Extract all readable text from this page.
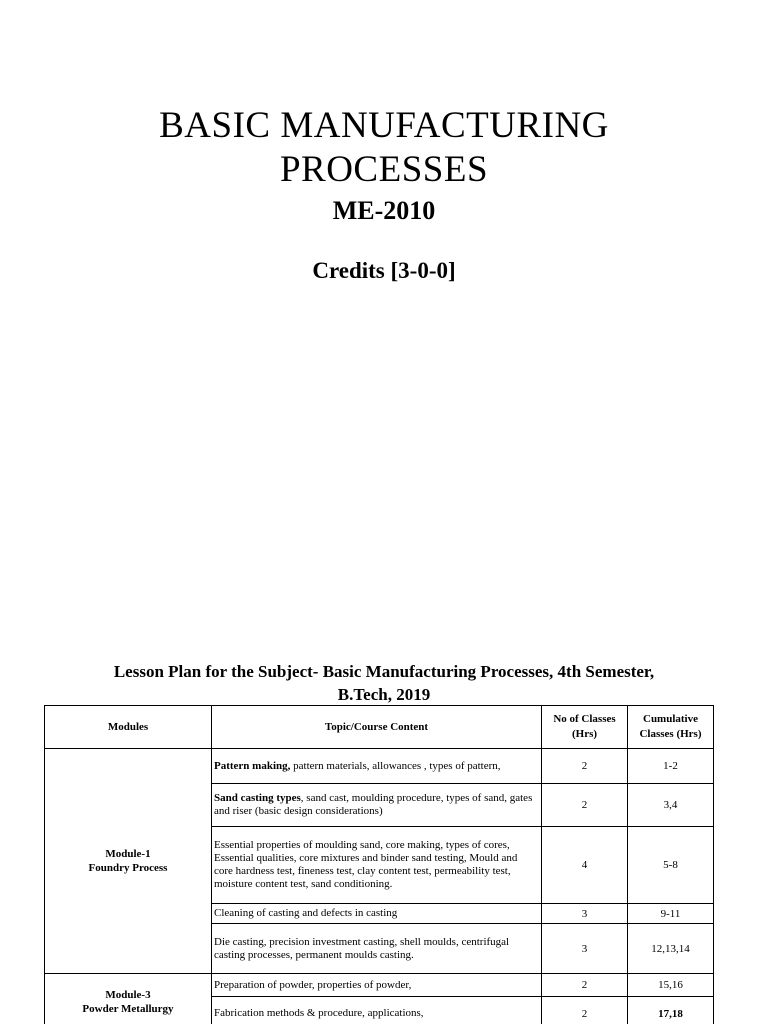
BASIC MANUFACTURING
PROCESSES
ME-2010
Credits [3-0-0]
Lesson Plan for the Subject- Basic Manufacturing Processes, 4th Semester,
B.Tech, 2019
Modules	Topic/Course Content	No of Classes (Hrs)	Cumulative Classes (Hrs)

Module-1
Foundry Process	Pattern making, pattern materials, allowances , types of pattern,	2	1-2
	Sand casting types, sand cast, moulding procedure, types of sand, gates and riser (basic design considerations)	2	3,4
	Essential properties of moulding sand, core making, types of cores, Essential qualities, core mixtures and binder sand testing, Mould and core hardness test, fineness test, clay content test, permeability test, moisture content test, sand conditioning.	4	5-8
	Cleaning of casting and defects in casting	3	9-11
	Die casting, precision investment casting, shell moulds, centrifugal casting processes, permanent moulds casting.	3	12,13,14

Module-3
Powder Metallurgy	Preparation of powder, properties of powder,	2	15,16
	Fabrication methods & procedure, applications,	2	17,18
